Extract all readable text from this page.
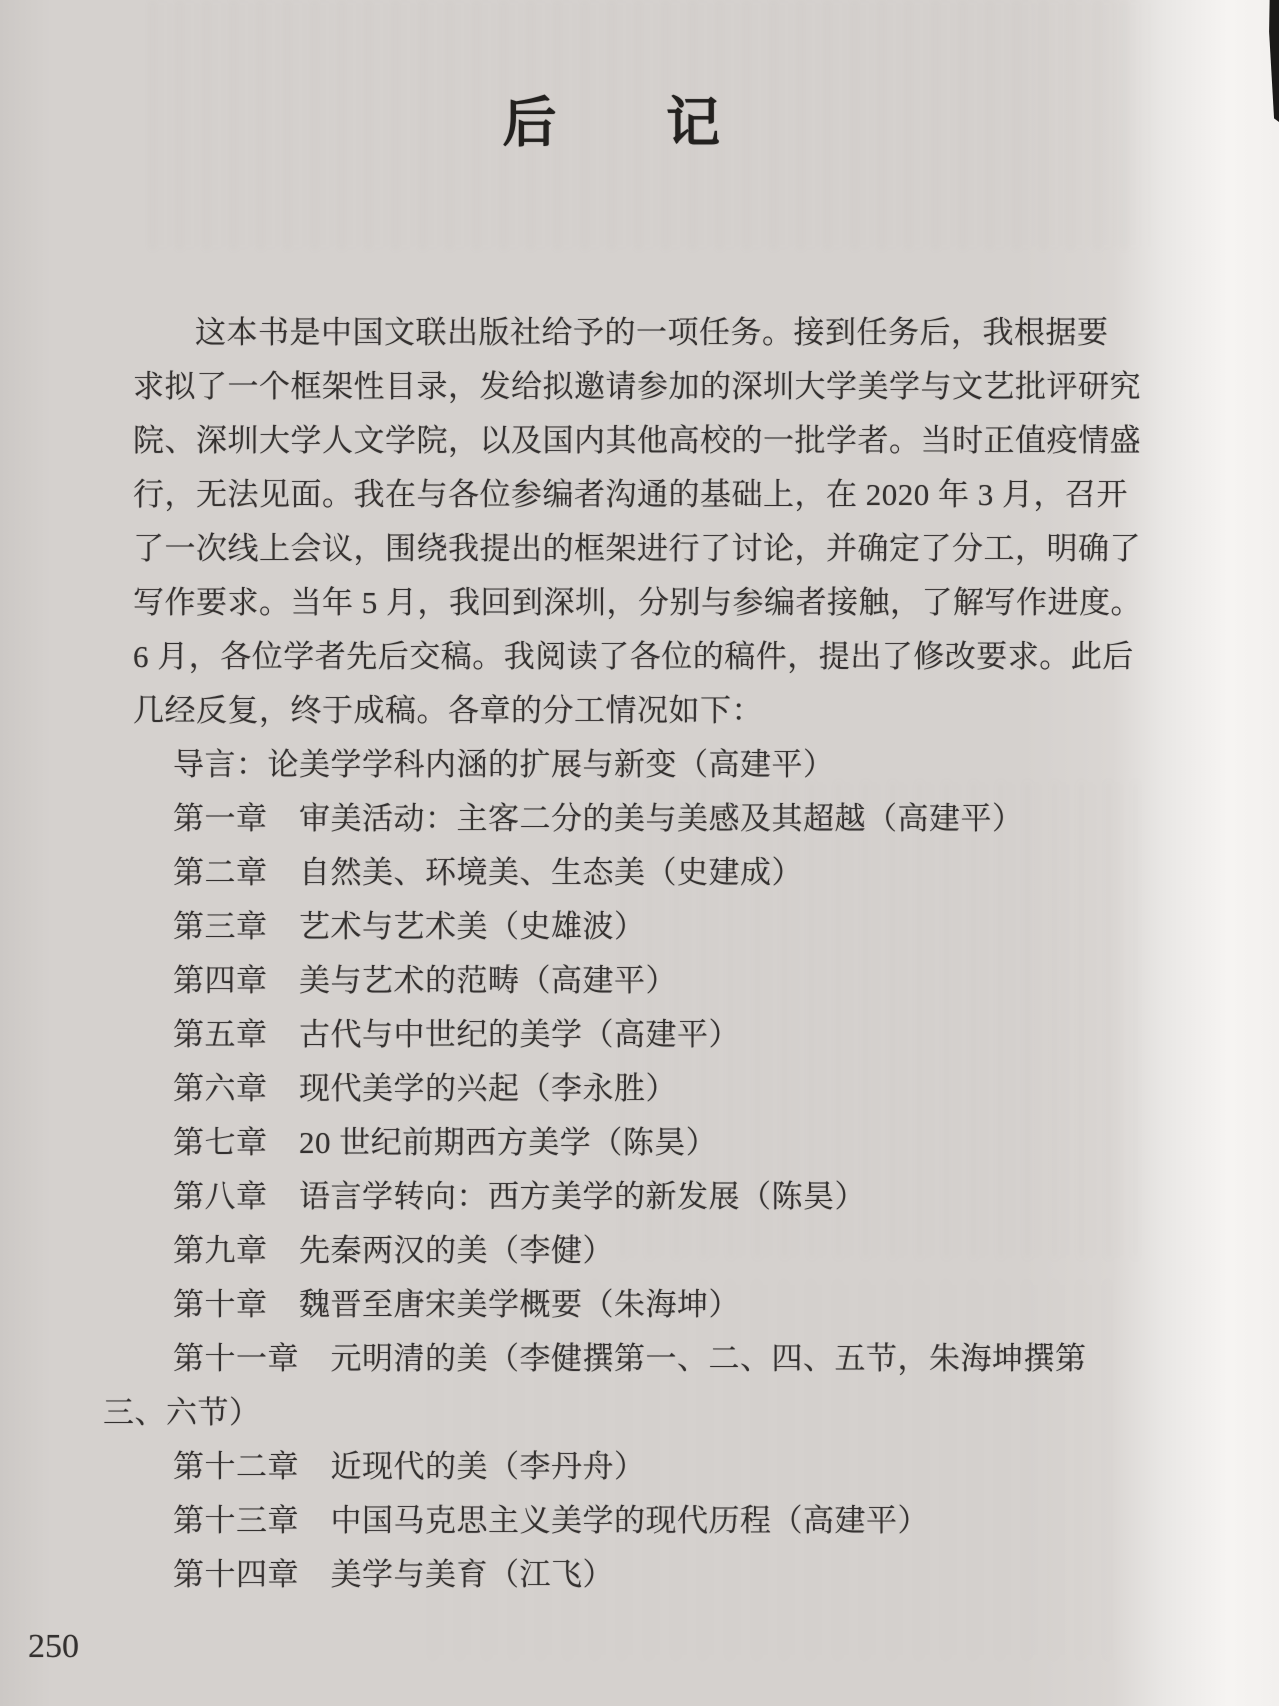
后　　记
这本书是中国文联出版社给予的一项任务。接到任务后，我根据要
求拟了一个框架性目录，发给拟邀请参加的深圳大学美学与文艺批评研究
院、深圳大学人文学院，以及国内其他高校的一批学者。当时正值疫情盛
行，无法见面。我在与各位参编者沟通的基础上，在 2020 年 3 月，召开
了一次线上会议，围绕我提出的框架进行了讨论，并确定了分工，明确了
写作要求。当年 5 月，我回到深圳，分别与参编者接触，了解写作进度。
6 月，各位学者先后交稿。我阅读了各位的稿件，提出了修改要求。此后
几经反复，终于成稿。各章的分工情况如下：
导言：论美学学科内涵的扩展与新变（高建平）
第一章　审美活动：主客二分的美与美感及其超越（高建平）
第二章　自然美、环境美、生态美（史建成）
第三章　艺术与艺术美（史雄波）
第四章　美与艺术的范畴（高建平）
第五章　古代与中世纪的美学（高建平）
第六章　现代美学的兴起（李永胜）
第七章　20 世纪前期西方美学（陈昊）
第八章　语言学转向：西方美学的新发展（陈昊）
第九章　先秦两汉的美（李健）
第十章　魏晋至唐宋美学概要（朱海坤）
第十一章　元明清的美（李健撰第一、二、四、五节，朱海坤撰第
三、六节）
第十二章　近现代的美（李丹舟）
第十三章　中国马克思主义美学的现代历程（高建平）
第十四章　美学与美育（江飞）
250
